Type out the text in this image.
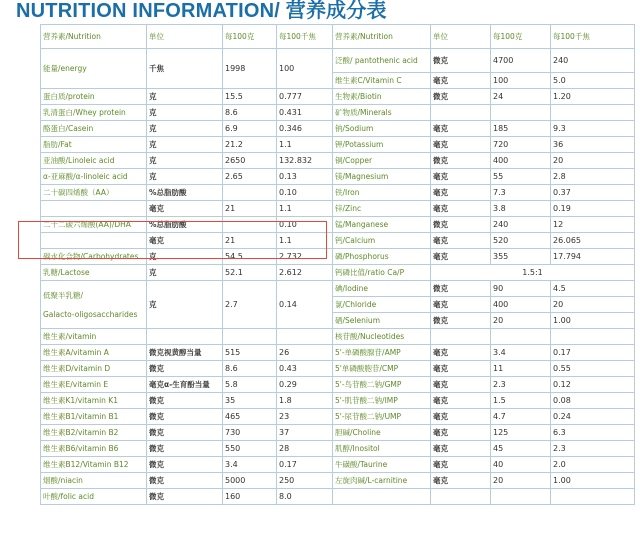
NUTRITION INFORMATION/ 营养成分表
营养素/Nutrition	单位	每100克	每100千焦	营养素/Nutrition	单位	每100克	每100千焦
能量/energy	千焦	1998	100	泛酸/ pantothenic acid	微克	4700	240
				维生素C/Vitamin C	毫克	100	5.0
蛋白质/protein	克	15.5	0.777	生物素/Biotin	微克	24	1.20
乳清蛋白/Whey protein	克	8.6	0.431	矿物质/Minerals			
酪蛋白/Casein	克	6.9	0.346	钠/Sodium	毫克	185	9.3
脂肪/Fat	克	21.2	1.1	钾/Potassium	毫克	720	36
亚油酸/Linoleic acid	克	2650	132.832	铜/Copper	微克	400	20
α-亚麻酸/α-linoleic acid	克	2.65	0.13	镁/Magnesium	毫克	55	2.8
二十碳四烯酸（AA）	%总脂肪酸		0.10	铁/Iron	毫克	7.3	0.37
	毫克	21	1.1	锌/Zinc	毫克	3.8	0.19
二十二碳六烯酸(AA)/DHA	%总脂肪酸		0.10	锰/Manganese	微克	240	12
	毫克	21	1.1	钙/Calcium	毫克	520	26.065
碳水化合物/Carbohydrates	克	54.5	2.732	磷/Phosphorus	毫克	355	17.794
乳糖/Lactose	克	52.1	2.612	钙磷比值/ratio Ca/P	1.5:1		
低聚半乳糖/

Galacto-oligosaccharides	克	2.7	0.14	碘/Iodine	微克	90	4.5
				氯/Chloride	毫克	400	20
				硒/Selenium	微克	20	1.00
维生素/vitamin				核苷酸/Nucleotides			
维生素A/vitamin A	微克视黄醇当量	515	26	5'-单磷酸腺苷/AMP	毫克	3.4	0.17
维生素D/vitamin D	微克	8.6	0.43	5'单磷酸胞苷/CMP	毫克	11	0.55
维生素E/vitamin E	毫克α-生育酚当量	5.8	0.29	5'-鸟苷酸二钠/GMP	毫克	2.3	0.12
维生素K1/vitamin K1	微克	35	1.8	5'-肌苷酸二钠/IMP	毫克	1.5	0.08
维生素B1/vitamin B1	微克	465	23	5'-尿苷酸二钠/UMP	毫克	4.7	0.24
维生素B2/vitamin B2	微克	730	37	胆碱/Choline	毫克	125	6.3
维生素B6/vitamin B6	微克	550	28	肌醇/Inositol	毫克	45	2.3
维生素B12/Vitamin B12	微克	3.4	0.17	牛磺酸/Taurine	毫克	40	2.0
烟酸/niacin	微克	5000	250	左旋肉碱/L-carnitine	毫克	20	1.00
叶酸/folic acid	微克	160	8.0				
